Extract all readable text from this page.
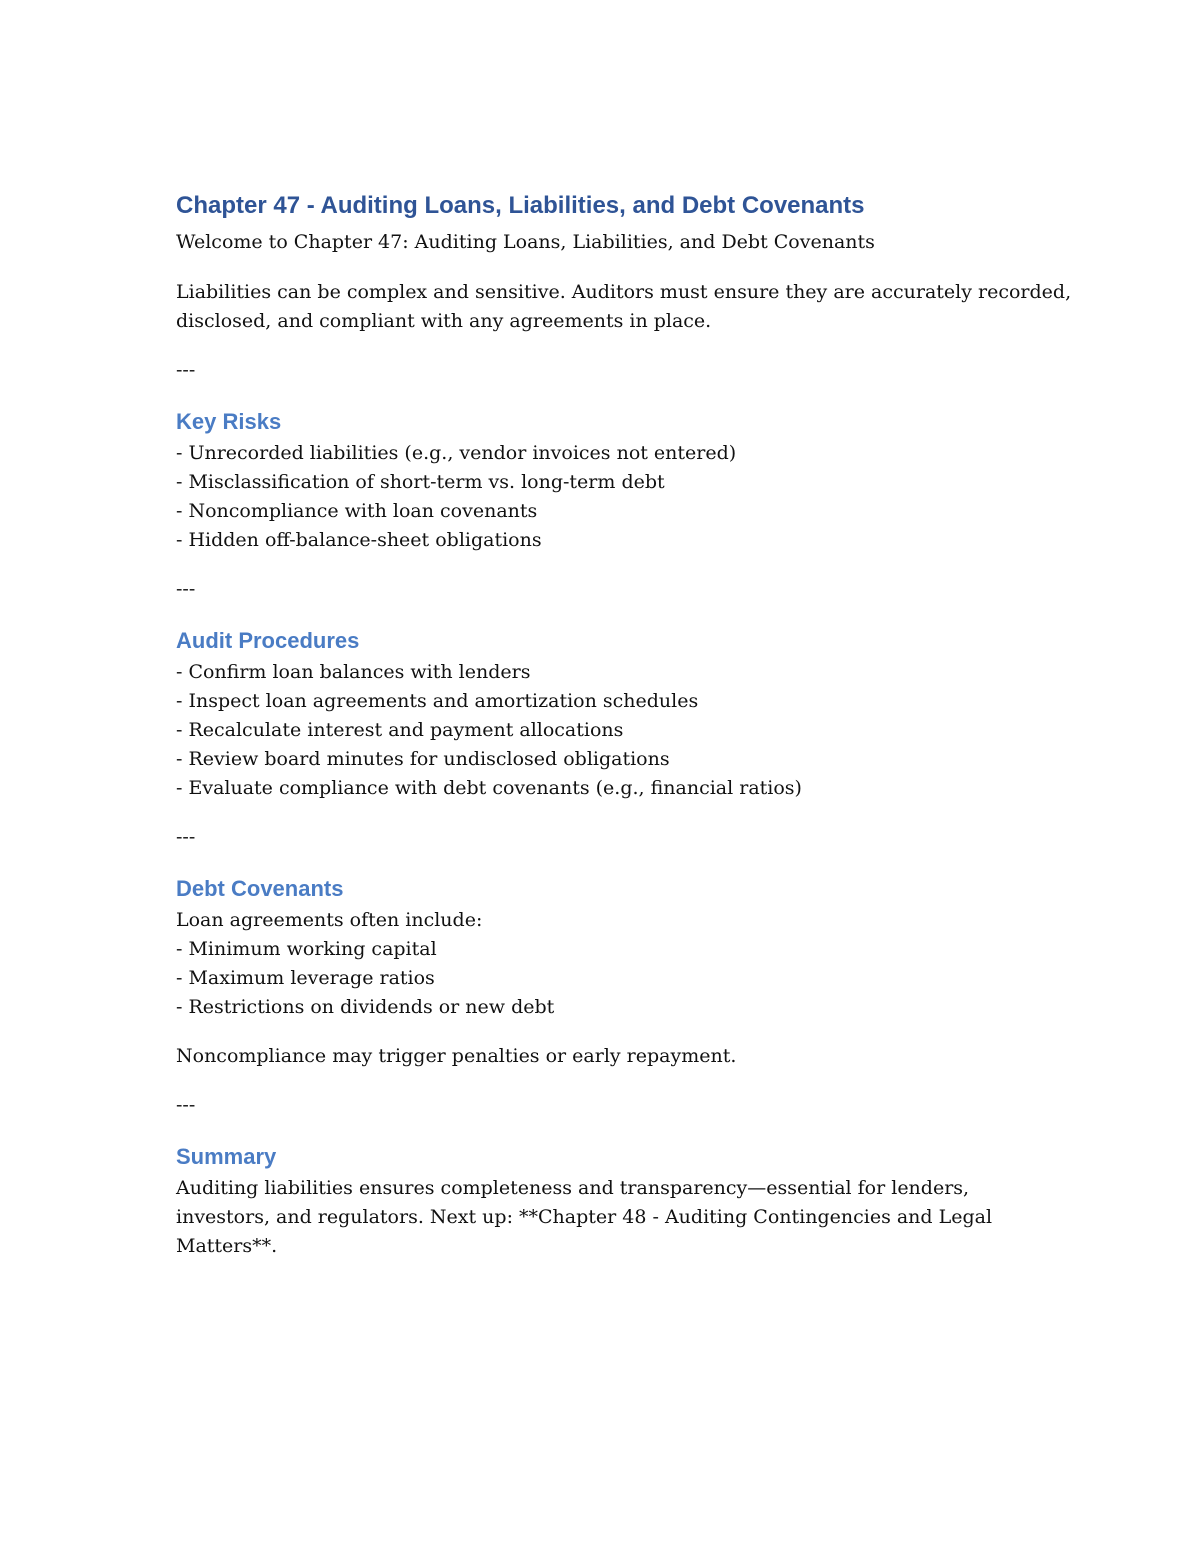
Chapter 47 - Auditing Loans, Liabilities, and Debt Covenants

Welcome to Chapter 47: Auditing Loans, Liabilities, and Debt Covenants

Liabilities can be complex and sensitive. Auditors must ensure they are accurately recorded,

disclosed, and compliant with any agreements in place.

---

Key Risks
- Unrecorded liabilities (e.g., vendor invoices not entered)
- Misclassification of short-term vs. long-term debt
- Noncompliance with loan covenants
- Hidden off-balance-sheet obligations

---

Audit Procedures
- Confirm loan balances with lenders
- Inspect loan agreements and amortization schedules
- Recalculate interest and payment allocations
- Review board minutes for undisclosed obligations
- Evaluate compliance with debt covenants (e.g., financial ratios)

---

Debt Covenants

Loan agreements often include:

- Minimum working capital
- Maximum leverage ratios
- Restrictions on dividends or new debt

Noncompliance may trigger penalties or early repayment.

---

Summary

Auditing liabilities ensures completeness and transparency—essential for lenders,

investors, and regulators. Next up: **Chapter 48 - Auditing Contingencies and Legal

Matters**.
